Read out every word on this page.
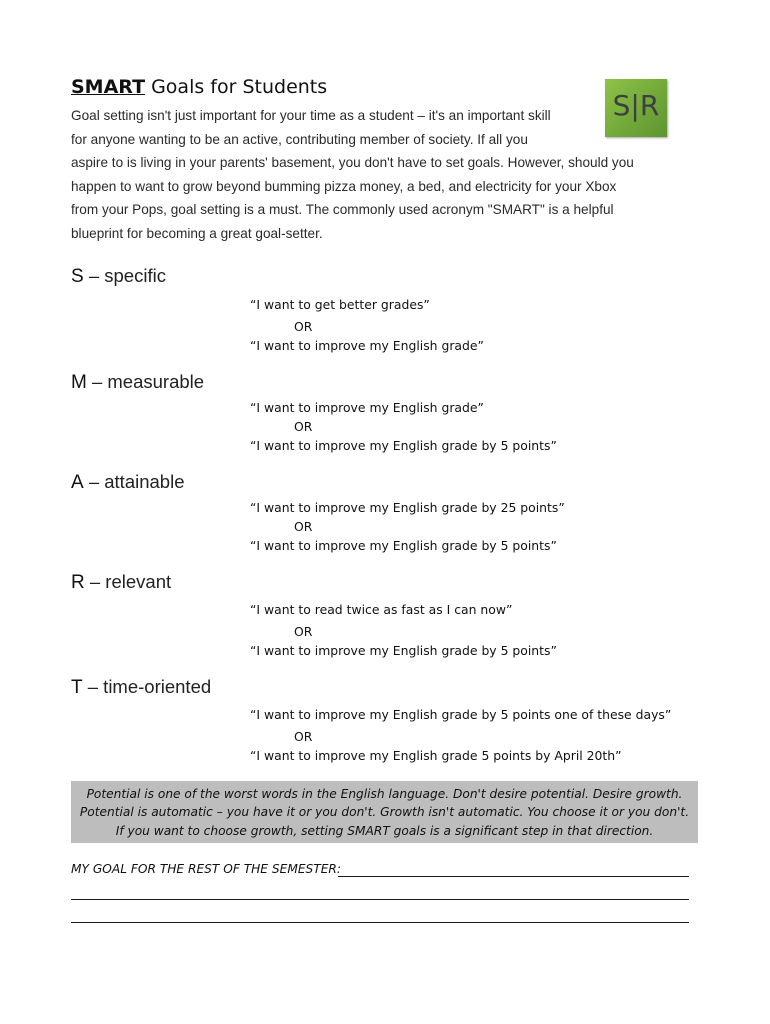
SMART Goals for Students
S|R
Goal setting isn't just important for your time as a student – it's an important skill
for anyone wanting to be an active, contributing member of society. If all you
aspire to is living in your parents' basement, you don't have to set goals. However, should you
happen to want to grow beyond bumming pizza money, a bed, and electricity for your Xbox
from your Pops, goal setting is a must. The commonly used acronym "SMART" is a helpful
blueprint for becoming a great goal-setter.
S – specific
“I want to get better grades”
OR
“I want to improve my English grade”
M – measurable
“I want to improve my English grade”
OR
“I want to improve my English grade by 5 points”
A – attainable
“I want to improve my English grade by 25 points”
OR
“I want to improve my English grade by 5 points”
R – relevant
“I want to read twice as fast as I can now”
OR
“I want to improve my English grade by 5 points”
T – time-oriented
“I want to improve my English grade by 5 points one of these days”
OR
“I want to improve my English grade 5 points by April 20th”
Potential is one of the worst words in the English language. Don't desire potential. Desire growth.
Potential is automatic – you have it or you don't. Growth isn't automatic. You choose it or you don't.
If you want to choose growth, setting SMART goals is a significant step in that direction.
MY GOAL FOR THE REST OF THE SEMESTER:
